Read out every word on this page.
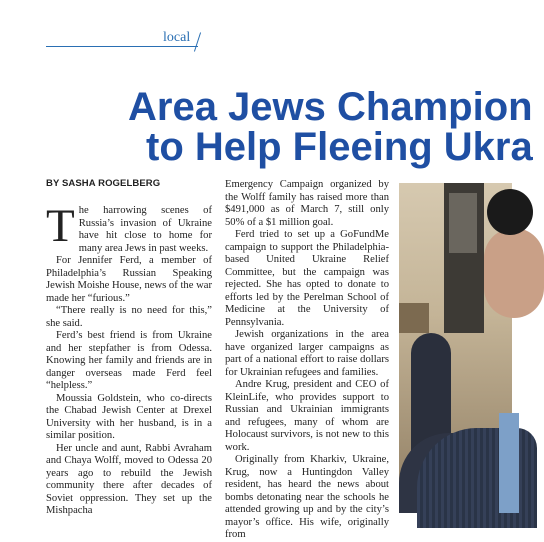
local
Area Jews Champion
to Help Fleeing Ukra
BY SASHA ROGELBERG

The harrowing scenes of Russia’s invasion of Ukraine have hit close to home for many area Jews in past weeks.

For Jennifer Ferd, a member of Philadelphia’s Russian Speaking Jewish Moishe House, news of the war made her “furious.”

“There really is no need for this,” she said.

Ferd’s best friend is from Ukraine and her stepfather is from Odessa. Knowing her family and friends are in danger overseas made Ferd feel “helpless.”

Moussia Goldstein, who co-directs the Chabad Jewish Center at Drexel University with her husband, is in a similar position.

Her uncle and aunt, Rabbi Avraham and Chaya Wolff, moved to Odessa 20 years ago to rebuild the Jewish community there after decades of Soviet oppression. They set up the Mishpacha

Emergency Campaign organized by the Wolff family has raised more than $491,000 as of March 7, still only 50% of a $1 million goal.

Ferd tried to set up a GoFundMe campaign to support the Philadelphia-based United Ukraine Relief Committee, but the campaign was rejected. She has opted to donate to efforts led by the Perelman School of Medicine at the University of Pennsylvania.

Jewish organizations in the area have organized larger campaigns as part of a national effort to raise dollars for Ukrainian refugees and families.

Andre Krug, president and CEO of KleinLife, who provides support to Russian and Ukrainian immigrants and refugees, many of whom are Holocaust survivors, is not new to this work.

Originally from Kharkiv, Ukraine, Krug, now a Huntingdon Valley resident, has heard the news about bombs detonating near the schools he attended growing up and by the city’s mayor’s office. His wife, originally from
